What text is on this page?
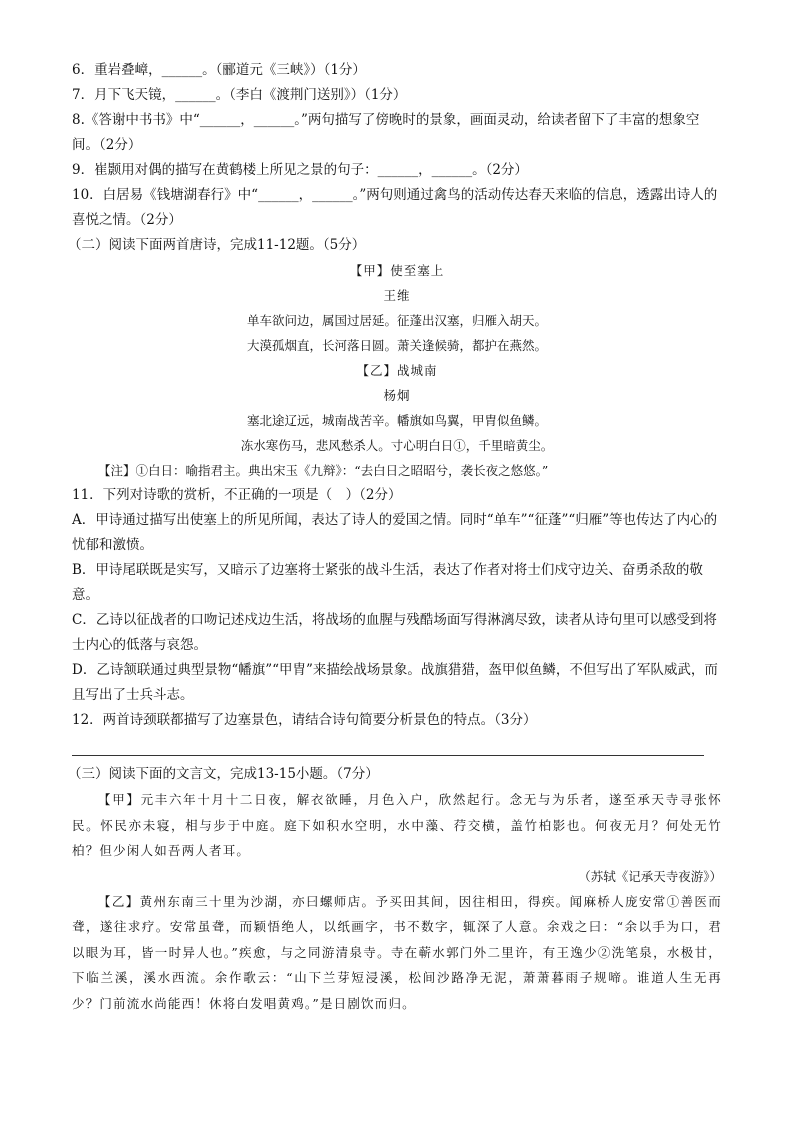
6．重岩叠嶂，______。（郦道元《三峡》）（1分）
7．月下飞天镜，______。（李白《渡荆门送别》）（1分）
8.《答谢中书书》中“______，______。”两句描写了傍晚时的景象，画面灵动，给读者留下了丰富的想象空间。（2分）
9．崔颢用对偶的描写在黄鹤楼上所见之景的句子：______，______。（2分）
10．白居易《钱塘湖春行》中“______，______。”两句则通过禽鸟的活动传达春天来临的信息，透露出诗人的喜悦之情。（2分）
（二）阅读下面两首唐诗，完成11-12题。（5分）
【甲】使至塞上
王维
单车欲问边，属国过居延。征蓬出汉塞，归雁入胡天。
大漠孤烟直，长河落日圆。萧关逢候骑，都护在燕然。
【乙】战城南
杨炯
塞北途辽远，城南战苦辛。幡旗如鸟翼，甲胄似鱼鳞。
冻水寒伤马，悲风愁杀人。寸心明白日①，千里暗黄尘。
【注】①白日：喻指君主。典出宋玉《九辩》：“去白日之昭昭兮，袭长夜之悠悠。”
11．下列对诗歌的赏析，不正确的一项是（　）（2分）
A．甲诗通过描写出使塞上的所见所闻，表达了诗人的爱国之情。同时“单车”“征蓬”“归雁”等也传达了内心的忧郁和激愤。
B．甲诗尾联既是实写，又暗示了边塞将士紧张的战斗生活，表达了作者对将士们戍守边关、奋勇杀敌的敬意。
C．乙诗以征战者的口吻记述戍边生活，将战场的血腥与残酷场面写得淋漓尽致，读者从诗句里可以感受到将士内心的低落与哀怨。
D．乙诗颔联通过典型景物“幡旗”“甲胄”来描绘战场景象。战旗猎猎，盔甲似鱼鳞，不但写出了军队威武，而且写出了士兵斗志。
12．两首诗颈联都描写了边塞景色，请结合诗句简要分析景色的特点。（3分）
（三）阅读下面的文言文，完成13-15小题。（7分）
【甲】元丰六年十月十二日夜，解衣欲睡，月色入户，欣然起行。念无与为乐者，遂至承天寺寻张怀民。怀民亦未寝，相与步于中庭。庭下如积水空明，水中藻、荇交横，盖竹柏影也。何夜无月？何处无竹柏？但少闲人如吾两人者耳。
（苏轼《记承天寺夜游》）
【乙】黄州东南三十里为沙湖，亦曰螺师店。予买田其间，因往相田，得疾。闻麻桥人庞安常①善医而聋，遂往求疗。安常虽聋，而颖悟绝人，以纸画字，书不数字，辄深了人意。余戏之曰：“余以手为口，君以眼为耳，皆一时异人也。”疾愈，与之同游清泉寺。寺在蕲水郭门外二里许，有王逸少②洗笔泉，水极甘，下临兰溪，溪水西流。余作歌云：“山下兰芽短浸溪，松间沙路净无泥，萧萧暮雨子规啼。谁道人生无再少？门前流水尚能西！休将白发唱黄鸡。”是日剧饮而归。
